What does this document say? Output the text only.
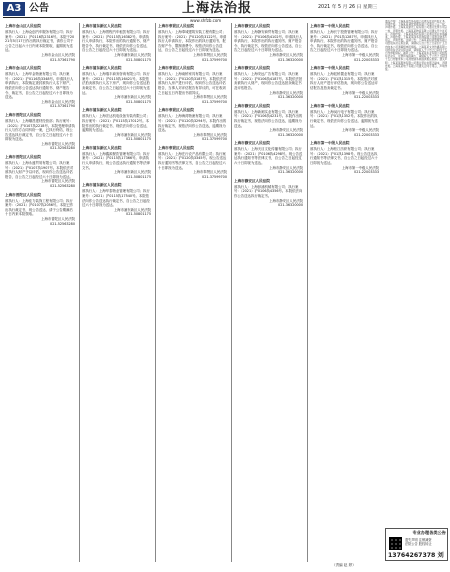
A3 公告	上海法治报	2021 年 5 月 26 日 星期三
www.shfzb.com

上海市金山区人民法院

被执行人：上海众创汽车服务有限公司；执行案号：（2021）沪0116执2316号。本院于2021年5月17日作出的执行裁定书，请你公司于公告之日起六十日内来本院领取，逾期视为送达。

上海市金山区人民法院

021-57361790

上海市金山区人民法院

被执行人：上海华金物流有限公司；执行案号：（2021）沪0116执3348号。申请执行人申请执行，本院裁定查封被执行人名下财产，现依法向你公告送达执行通知书、财产报告令、裁定书，自公告之日起经过六十日即视为送达。

上海市金山区人民法院

021-57361790

上海市普陀区人民法院

被执行人：上海顺昌建材经营部；执行案号：（2021）沪0107执2218号。本院受理申请执行人与你方合同纠纷一案，已执行终结，现公告送达执行裁定书，自公告之日起经过六十日即视为送达。

上海市普陀区人民法院

021-52563280

上海市普陀区人民法院

被执行人：上海永盛贸易有限公司；执行案号：（2021）沪0107执1907号。本院依法对被执行人财产予以评估，现向你公告送达评估报告，自公告之日起经过六十日即视为送达。

上海市普陀区人民法院

021-52563280

上海市普陀区人民法院

被执行人：上海佳力装饰工程有限公司；执行案号：（2021）沪0107执2056号。本院已作出执行裁定书，现公告送达，请于公告期满后十日内来本院领取。

上海市普陀区人民法院

021-52563280

上海市浦东新区人民法院

被执行人：上海景程汽车租赁有限公司；执行案号：（2021）沪0115执16382号。申请执行人申请执行，本院作出的执行通知书、财产报告令、执行裁定书，现依法向你公告送达，自公告之日起经过六十日即视为送达。

上海市浦东新区人民法院

021-50801175

上海市浦东新区人民法院

被执行人：上海瑞丰商务咨询有限公司；执行案号：（2021）沪0115执16421号。本院依法拍卖被执行人名下房产，现向你公告送达拍卖裁定书，自公告之日起经过六十日即视为送达。

上海市浦东新区人民法院

021-50801175

上海市浦东新区人民法院

被执行人：上海宏达机电设备安装有限公司；执行案号：（2021）沪0115执17012号。本院作出的执行裁定书，现依法向你公告送达，逾期视为送达。

上海市浦东新区人民法院

021-50801175

上海市浦东新区人民法院

被执行人：上海鑫源餐饮管理有限公司；执行案号：（2021）沪0115执17366号。申请执行人申请执行，现公告送达执行通知书等法律文书。

上海市浦东新区人民法院

021-50801175

上海市浦东新区人民法院

被执行人：上海华泰物业管理有限公司；执行案号：（2021）沪0115执17540号。本院依法向你公告送达执行裁定书，自公告之日起经过六十日即视为送达。

上海市浦东新区人民法院

021-50801175

上海市奉贤区人民法院

被执行人：上海奉城建筑安装工程有限公司；执行案号：（2021）沪0120执3122号。申请执行人申请执行，本院作出的执行通知书、报告财产令、限制消费令，现依法向你公告送达，自公告之日起经过六十日即视为送达。

上海市奉贤区人民法院

021-37599700

上海市奉贤区人民法院

被执行人：上海南桥家具有限公司；执行案号：（2021）沪0120执3187号。本院依法对被执行人房产进行评估，现向你公告送达评估报告，当事人对评估报告有异议的，可在收到之日起五日内提出书面异议。

上海市奉贤区人民法院

021-37599700

上海市奉贤区人民法院

被执行人：上海海湾物流有限公司；执行案号：（2021）沪0120执3294号。本院作出的执行裁定书，现依法向你公告送达，逾期视为送达。

上海市奉贤区人民法院

021-37599700

上海市奉贤区人民法院

被执行人：上海庄行农产品有限公司；执行案号：（2021）沪0120执3345号。现公告送达执行通知书等法律文书，自公告之日起经过六十日即视为送达。

上海市奉贤区人民法院

021-37599700

上海市静安区人民法院

被执行人：上海静安商贸有限公司；执行案号：（2021）沪0106执4102号。申请执行人申请执行，本院作出的执行通知书、财产报告令、执行裁定书，现依法向你公告送达，自公告之日起经过六十日即视为送达。

上海市静安区人民法院

021-36320000

上海市静安区人民法院

被执行人：上海安远广告有限公司；执行案号：（2021）沪0106执4187号。本院依法拍卖被执行人财产，现向你公告送达拍卖裁定书及评估报告。

上海市静安区人民法院

021-36320000

上海市静安区人民法院

被执行人：上海新闸实业有限公司；执行案号：（2021）沪0106执4231号。本院作出的执行裁定书，现依法向你公告送达，逾期视为送达。

上海市静安区人民法院

021-36320000

上海市静安区人民法院

被执行人：上海天目文化传播有限公司；执行案号：（2021）沪0106执4298号。现公告送达执行通知书等法律文书，自公告之日起经过六十日即视为送达。

上海市静安区人民法院

021-36320000

上海市静安区人民法院

被执行人：上海彭浦机械有限公司；执行案号：（2021）沪0106执4356号。本院依法向你公告送达执行裁定书。

上海市静安区人民法院

021-36320000

上海市第一中级人民法院

被执行人：上海长宁投资管理有限公司；执行案号：（2021）沪01执1287号。申请执行人申请执行，本院作出的执行通知书、财产报告令、执行裁定书，现依法向你公告送达，自公告之日起经过六十日即视为送达。

上海市第一中级人民法院

021-22003333

上海市第一中级人民法院

被执行人：上海虹桥置业有限公司；执行案号：（2021）沪01执1315号。本院依法对被执行人房产进行评估拍卖，现向你公告送达评估报告及拍卖裁定书。

上海市第一中级人民法院

021-22003333

上海市第一中级人民法院

被执行人：上海闵行电子有限公司；执行案号：（2021）沪01执1352号。本院作出的执行裁定书，现依法向你公告送达，逾期视为送达。

上海市第一中级人民法院

021-22003333

上海市第一中级人民法院

被执行人：上海松江纺织有限公司；执行案号：（2021）沪01执1398号。现公告送达执行通知书等法律文书，自公告之日起经过六十日即视为送达。

上海市第一中级人民法院

021-22003333

遗失声明：上海某某贸易有限公司遗失营业执照正本，声明作废。上海某某餐饮管理有限公司遗失公章一枚，声明作废。上海某某建设工程有限公司遗失发票专用章一枚，声明作废。上海某某物流有限公司遗失开户许可证，声明作废。上海某某科技有限公司遗失营业执照副本，声明作废。上海某某商务咨询有限公司遗失财务专用章，声明作废。注销公告：上海某某投资管理有限公司经股东决定拟注销，请债权人自公告之日起四十五日内向本公司清算组申报债权。上海某某文化传播有限公司经股东会决议拟注销，请债权人于公告之日起四十五日内申报债权。减资公告：上海某某实业有限公司经股东会决议，注册资本拟减少，请债权人于公告之日起四十五日内要求本公司清偿债务或提供相应担保。遗失声明：上海某某服饰有限公司遗失营业执照正副本，声明作废。上海某某电子有限公司遗失合同专用章，声明作废。

专业办理各类公告
遗失声明 注销减资
法院公告 股权转让
13764267378 刘
（责编 赵 婷）
